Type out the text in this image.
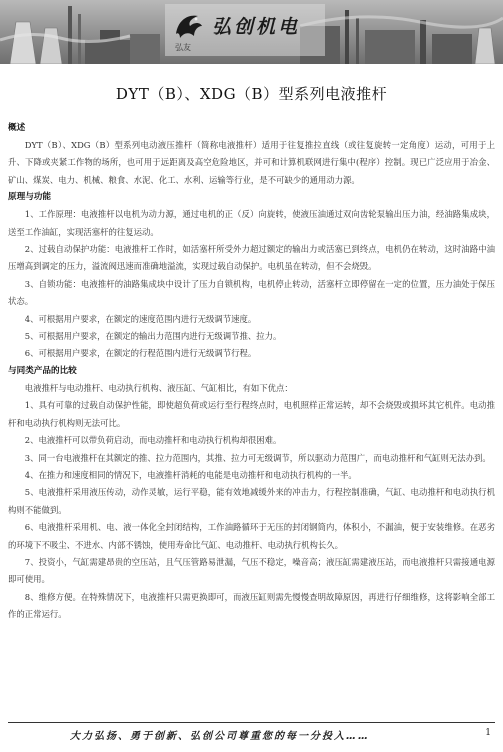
弘友
弘创机电
DYT（B）、XDG（B）型系列电液推杆

概述

DYT（B）、XDG（B）型系列电动液压推杆（简称电液推杆）适用于往复推拉直线（或往复旋转一定角度）运动，可用于上升、下降或夹紧工作物的场所，也可用于远距离及高空危险地区，并可和计算机联网进行集中(程序）控制。现已广泛应用于冶金、矿山、煤炭、电力、机械、粮食、水泥、化工、水利、运输等行业，是不可缺少的通用动力源。

原理与功能

1、工作原理：电液推杆以电机为动力源，通过电机的正（反）向旋转，使液压油通过双向齿轮泵输出压力油，经油路集成块，送至工作油缸，实现活塞杆的往复运动。

2、过载自动保护功能：电液推杆工作时，如活塞杆所受外力超过额定的输出力或活塞已到终点，电机仍在转动，这时油路中油压增高到调定的压力，溢流阀迅速而准确地溢流，实现过载自动保护。电机虽在转动，但不会烧毁。

3、自锁功能：电液推杆的油路集成块中设计了压力自锁机构，电机停止转动，活塞杆立即停留在一定的位置，压力油处于保压状态。

4、可根据用户要求，在额定的速度范围内进行无级调节速度。

5、可根据用户要求，在额定的输出力范围内进行无级调节推、拉力。

6、可根据用户要求，在额定的行程范围内进行无级调节行程。

与同类产品的比较

电液推杆与电动推杆、电动执行机构、液压缸、气缸相比，有如下优点：

1、具有可靠的过载自动保护性能，即使超负荷或运行至行程终点时，电机照样正常运转，却不会烧毁或损坏其它机件。电动推杆和电动执行机构则无法可比。

2、电液推杆可以带负荷启动，而电动推杆和电动执行机构却很困难。

3、同一台电液推杆在其额定的推、拉力范围内，其推、拉力可无级调节，所以驱动力范围广，而电动推杆和气缸则无法办到。

4、在推力和速度相同的情况下，电液推杆消耗的电能是电动推杆和电动执行机构的一半。

5、电液推杆采用液压传动，动作灵敏，运行平稳，能有效地减缓外来的冲击力，行程控制准确，气缸、电动推杆和电动执行机构则不能做到。

6、电液推杆采用机、电、液一体化全封闭结构，工作油路循环于无压的封闭钢筒内，体积小，不漏油，便于安装维修。在恶劣的环境下不吸尘、不进水、内部不锈蚀，使用寿命比气缸、电动推杆、电动执行机构长久。

7、投资小，气缸需建昂贵的空压站，且气压管路易泄漏，气压不稳定，噪音高；液压缸需建液压站，而电液推杆只需接通电源即可使用。

8、维修方便。在特殊情况下，电液推杆只需更换即可，而液压缸则需先慢慢查明故障原因，再进行仔细维修，这将影响全部工作的正常运行。

大力弘扬、勇于创新、弘创公司尊重您的每一分投入……	1
